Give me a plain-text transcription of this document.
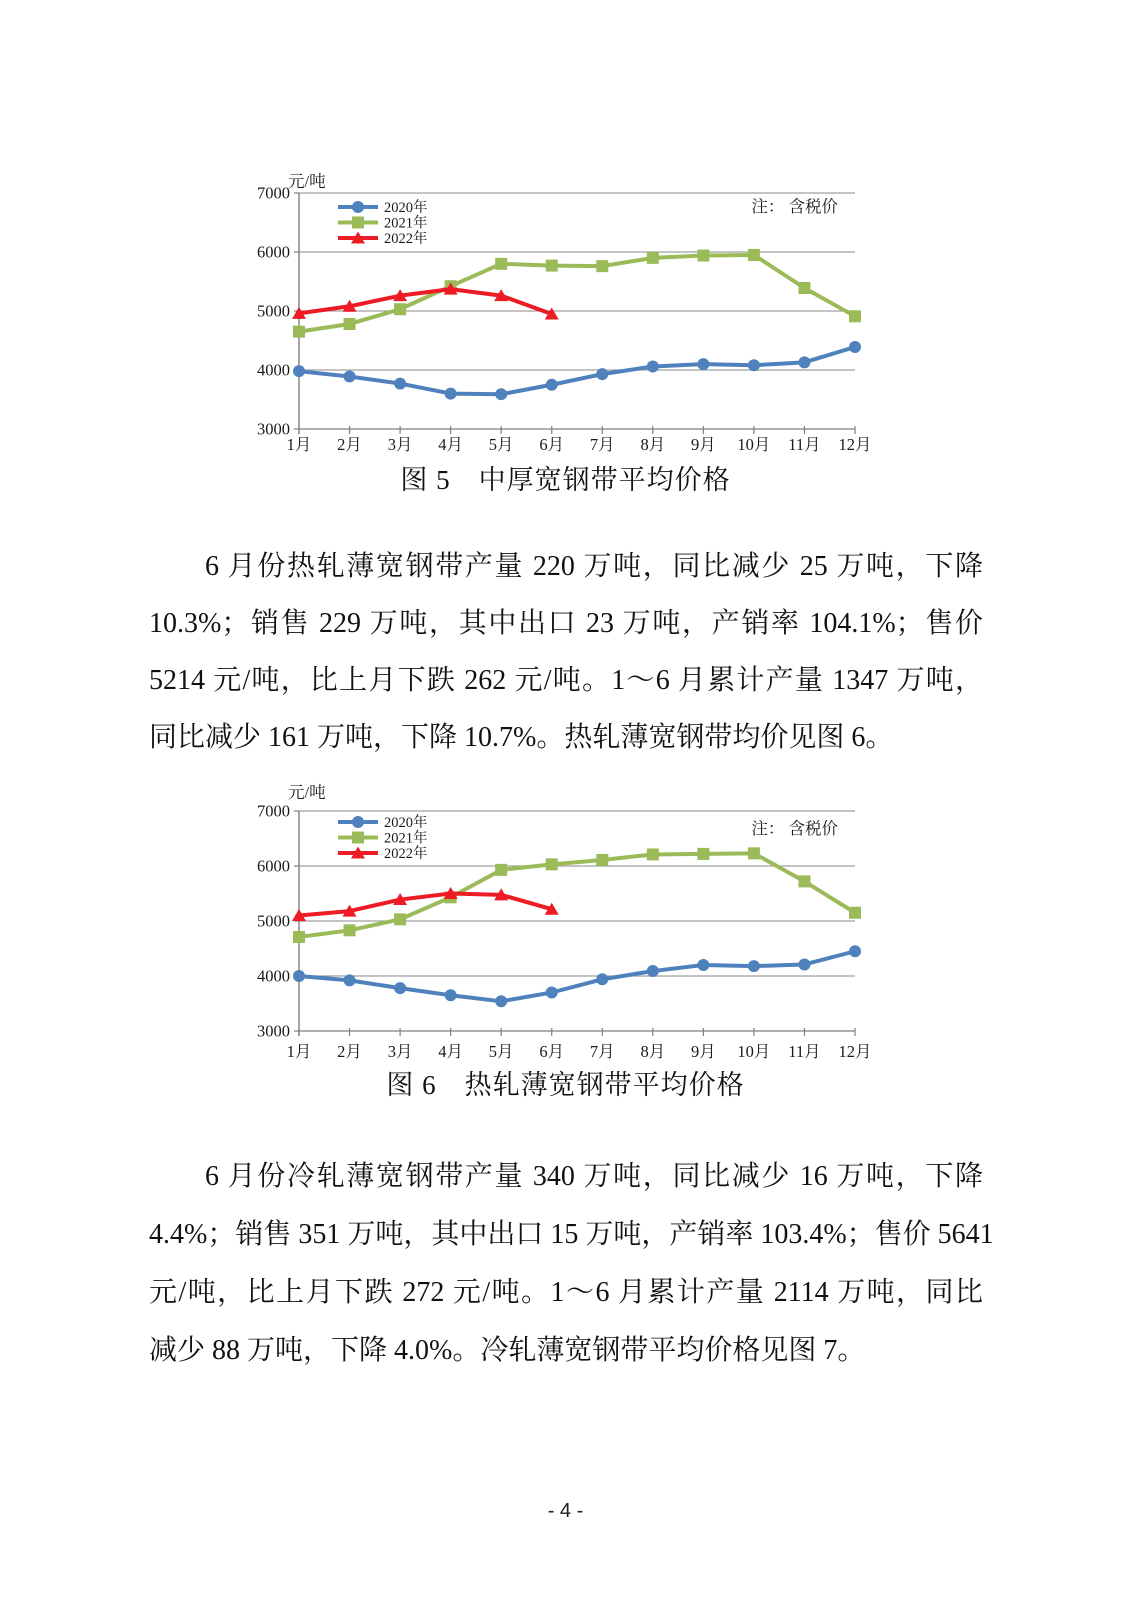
3000
4000
5000
6000
7000
1月 2月 3月 4月 5月 6月 7月 8月 9月 10月 11月 12月
元/吨
注： 含税价
2020年
2021年
2022年
图 5　中厚宽钢带平均价格
6 月份热轧薄宽钢带产量 220 万吨，同比减少 25 万吨，下降
10.3%；销售 229 万吨，其中出口 23 万吨，产销率 104.1%；售价
5214 元/吨，比上月下跌 262 元/吨。1～6 月累计产量 1347 万吨，
同比减少 161 万吨，下降 10.7%。热轧薄宽钢带均价见图 6。
3000
4000
5000
6000
7000
1月 2月 3月 4月 5月 6月 7月 8月 9月 10月 11月 12月
元/吨
注： 含税价
2020年
2021年
2022年
图 6　热轧薄宽钢带平均价格
6 月份冷轧薄宽钢带产量 340 万吨，同比减少 16 万吨，下降
4.4%；销售 351 万吨，其中出口 15 万吨，产销率 103.4%；售价 5641
元/吨，比上月下跌 272 元/吨。1～6 月累计产量 2114 万吨，同比
减少 88 万吨，下降 4.0%。冷轧薄宽钢带平均价格见图 7。
- 4 -
